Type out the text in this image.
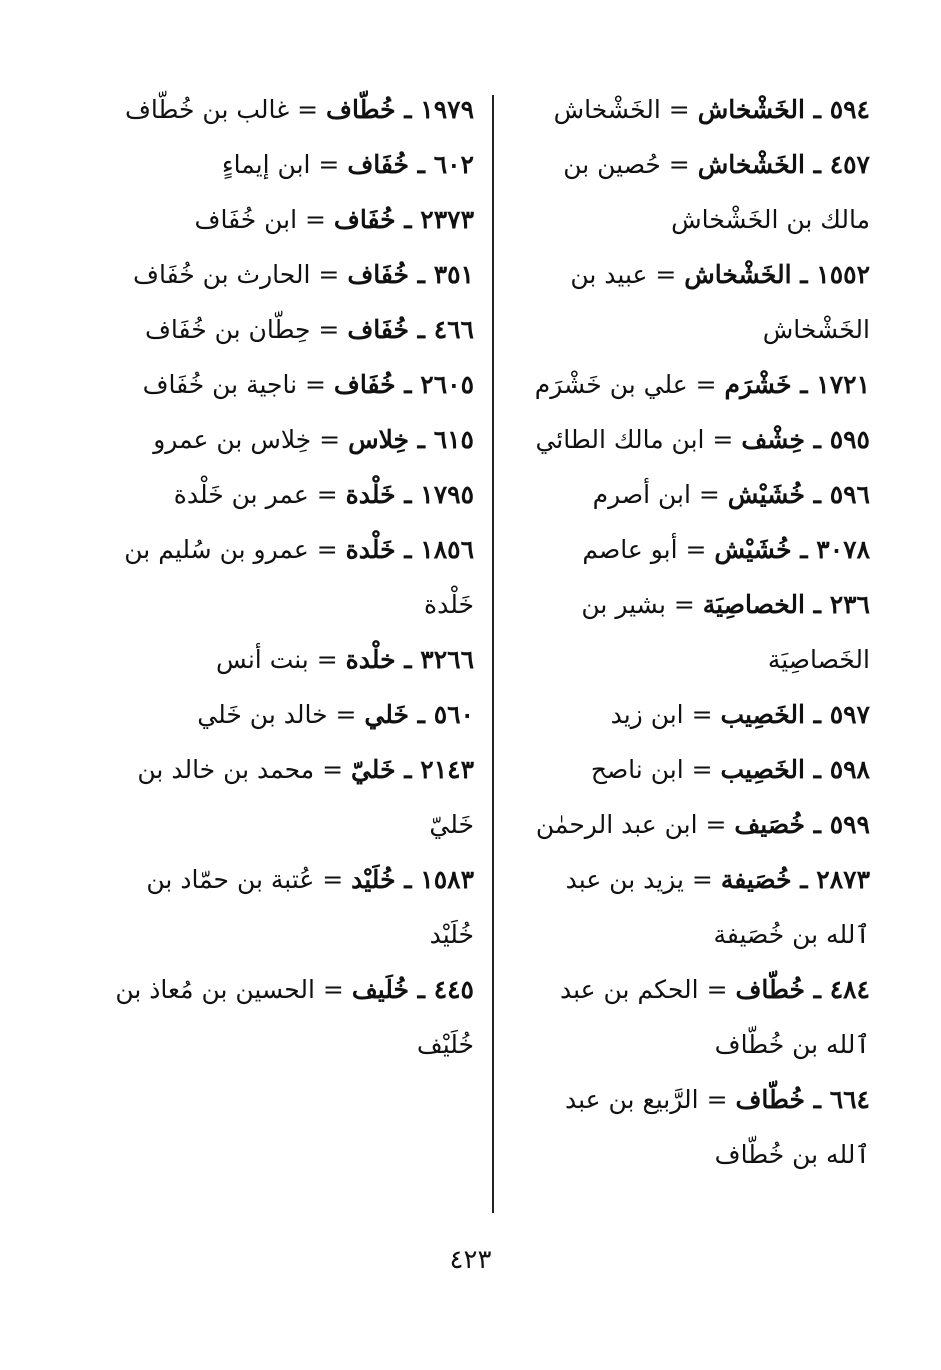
٥٩٤ ـ الخَشْخاش = الخَشْخاش

٤٥٧ ـ الخَشْخاش = حُصين بن مالك بن الخَشْخاش

١٥٥٢ ـ الخَشْخاش = عبيد بن الخَشْخاش

١٧٢١ ـ خَشْرَم = علي بن خَشْرَم

٥٩٥ ـ خِشْف = ابن مالك الطائي

٥٩٦ ـ خُشَيْش = ابن أصرم

٣٠٧٨ ـ خُشَيْش = أبو عاصم

٢٣٦ ـ الخصاصِيَة = بشير بن الخَصاصِيَة

٥٩٧ ـ الخَصِيب = ابن زيد

٥٩٨ ـ الخَصِيب = ابن ناصح

٥٩٩ ـ خُصَيف = ابن عبد الرحمٰن

٢٨٧٣ ـ خُصَيفة = يزيد بن عبد ٱلله بن خُصَيفة

٤٨٤ ـ خُطّاف = الحكم بن عبد ٱلله بن خُطّاف

٦٦٤ ـ خُطّاف = الرَّبيع بن عبد ٱلله بن خُطّاف

١٩٧٩ ـ خُطّاف = غالب بن خُطّاف

٦٠٢ ـ خُفَاف = ابن إيماءٍ

٢٣٧٣ ـ خُفَاف = ابن خُفَاف

٣٥١ ـ خُفَاف = الحارث بن خُفَاف

٤٦٦ ـ خُفَاف = حِطّان بن خُفَاف

٢٦٠٥ ـ خُفَاف = ناجية بن خُفَاف

٦١٥ ـ خِلاس = خِلاس بن عمرو

١٧٩٥ ـ خَلْدة = عمر بن خَلْدة

١٨٥٦ ـ خَلْدة = عمرو بن سُليم بن خَلْدة

٣٢٦٦ ـ خلْدة = بنت أنس

٥٦٠ ـ خَلي = خالد بن خَلي

٢١٤٣ ـ خَليّ = محمد بن خالد بن خَليّ

١٥٨٣ ـ خُلَيْد = عُتبة بن حمّاد بن خُلَيْد

٤٤٥ ـ خُلَيف = الحسين بن مُعاذ بن خُلَيْف

٤٢٣
